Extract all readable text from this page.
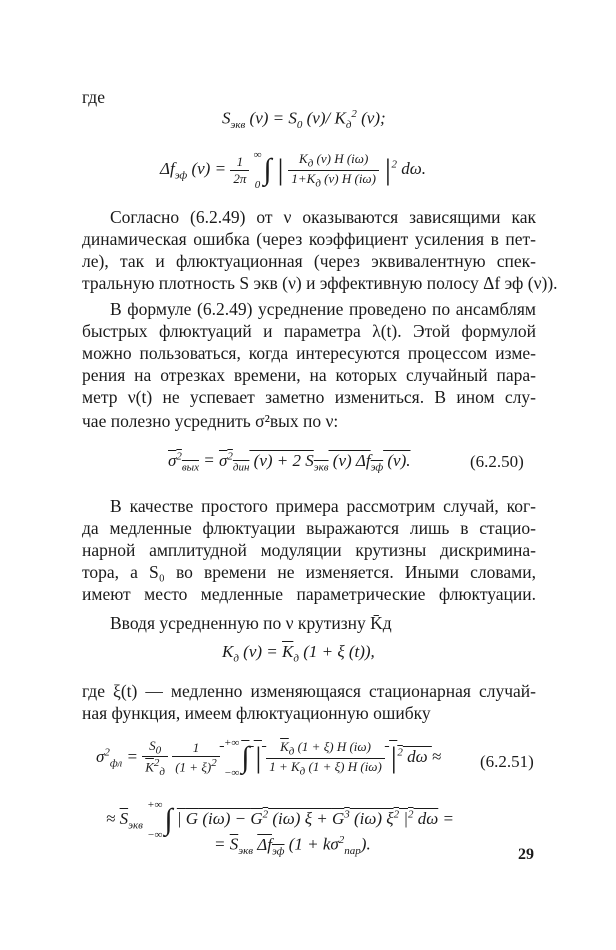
где
$S_{экв}$ $(\nu) = S_0$ (ν)/ $K_д^2$ (ν);
$\Delta f_{эф}$ $(\nu) = \frac{1}{2\pi}$ ∞
0 ∫ | $\frac{K_д (\nu) H (i\omega)}{1+K_д (\nu) H (i\omega)} |^2$ dω.
Согласно (6.2.49) от ν оказываются зависящими как
динамическая ошибка (через коэффициент усиления в пет-
ле), так и флюктуационная (через эквивалентную спек-
тральную плотность S экв (ν) и эффективную полосу Δf эф (ν)).
В формуле (6.2.49) усреднение проведено по ансамблям
быстрых флюктуаций и параметра λ(t). Этой формулой
можно пользоваться, когда интересуются процессом изме-
рения на отрезках времени, на которых случайный пара-
метр ν(t) не успевает заметно измениться. В ином слу-
чае полезно усреднить σ²вых по ν:
$\sigma^2_{вых} = \sigma^2_{дин}$ (ν) + 2 $S_{экв}$ (ν) $\Delta f_{эф}$ (ν).	(6.2.50)
В качестве простого примера рассмотрим случай, ког-
да медленные флюктуации выражаются лишь в стацио-
нарной амплитудной модуляции крутизны дискримина-
тора, а S₀ во времени не изменяется. Иными словами,
имеют место медленные параметрические флюктуации.
Вводя усредненную по ν крутизну K̄д
$K_д$ $(\nu) = \overline{K}_д$ (1 + ξ (t)),
где ξ(t) — медленно изменяющаяся стационарная случай-
ная функция, имеем флюктуационную ошибку
$\sigma^2_{фл} = \frac{S_0}{\overline{K}^2_д}$
$\frac{1}{(1 + \xi)^2}$ +∞
−∞∫ | $\frac{K_д (1 + \xi) H (i\omega)}{1 + K_д (1 + \xi) H (i\omega)} |^2$ dω ≈ (6.2.51)
≈ $\overline{S}_{экв}$ +∞
−∞∫ | G $(i\omega) - G^2$ (iω) $\xi + G^3$ (iω) $\xi^2$ $|^2$ dω =
= $\overline{S}_{экв}$ $\Delta f_{эф}$ $(1 + k\sigma^2_{пар})$.
29
